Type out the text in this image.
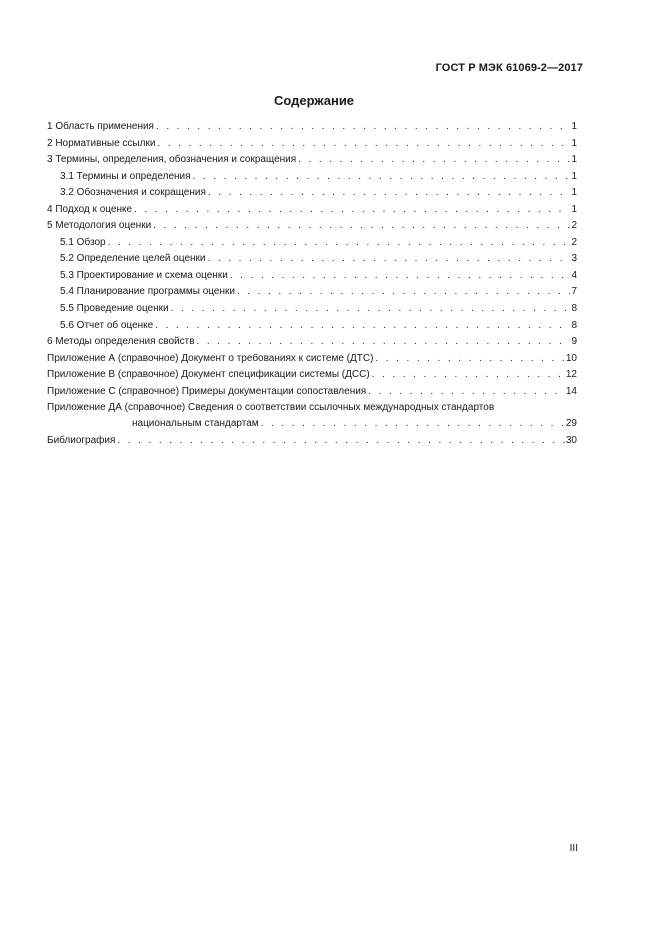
ГОСТ Р МЭК 61069-2—2017
Содержание
1 Область применения . . .	1
2 Нормативные ссылки . . .	1
3 Термины, определения, обозначения и сокращения . . .	1
3.1 Термины и определения . . .	1
3.2 Обозначения и сокращения . . .	1
4 Подход к оценке . . .	1
5 Методология оценки . . .	2
5.1 Обзор . . .	2
5.2 Определение целей оценки . . .	3
5.3 Проектирование и схема оценки . . .	4
5.4 Планирование программы оценки . . .	7
5.5 Проведение оценки . . .	8
5.6 Отчет об оценке . . .	8
6 Методы определения свойств . . .	9
Приложение А (справочное) Документ о требованиях к системе (ДТС) . . .	10
Приложение В (справочное) Документ спецификации системы (ДСС) . . .	12
Приложение С (справочное) Примеры документации сопоставления . . .	14
Приложение ДА (справочное) Сведения о соответствии ссылочных международных стандартов
национальным стандартам . . .	29
Библиография . . .	30
III
